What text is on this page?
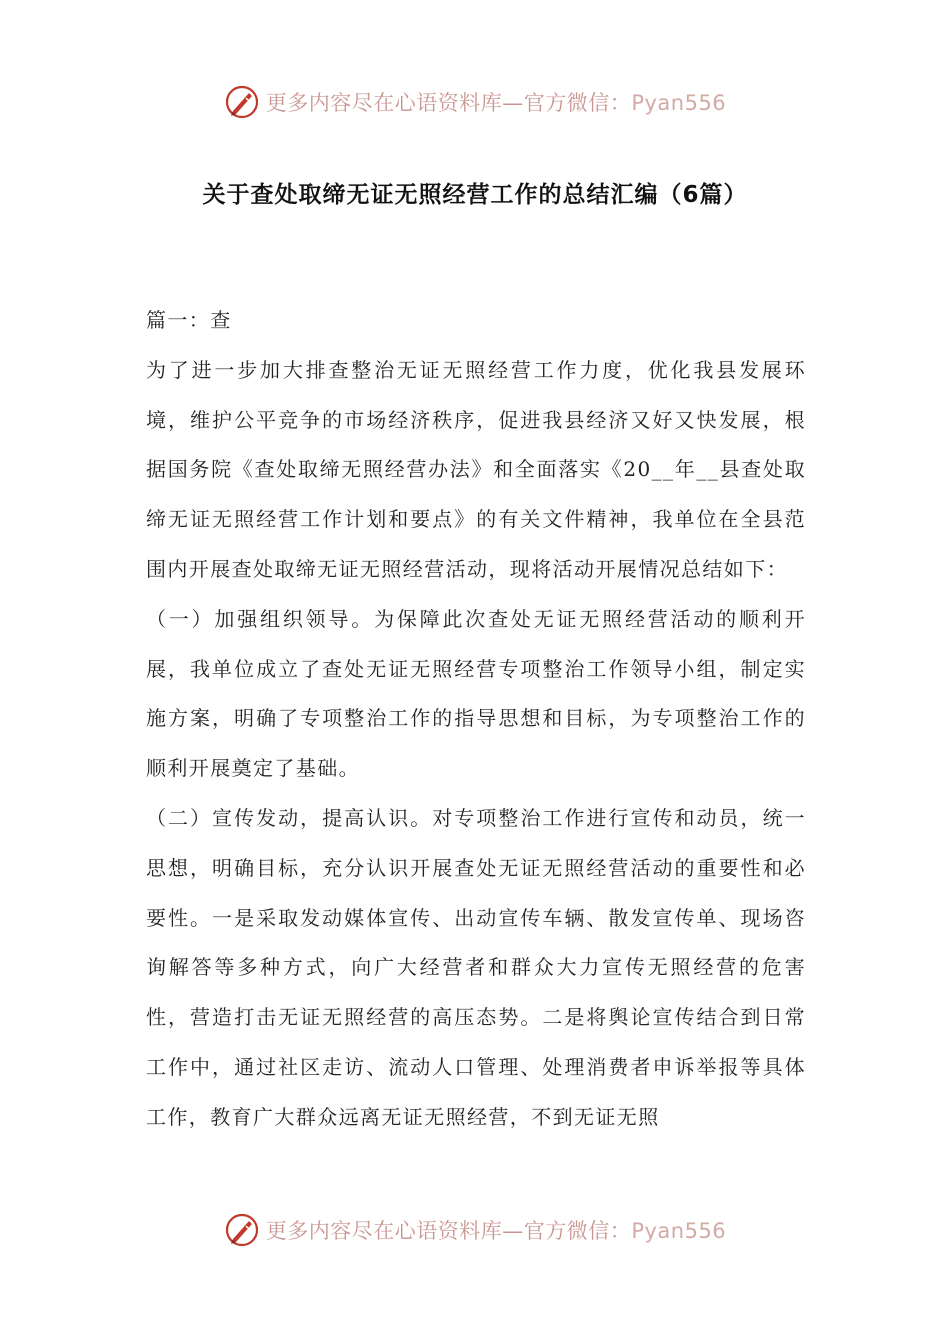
更多内容尽在心语资料库—官方微信：Pyan556
关于查处取缔无证无照经营工作的总结汇编（6篇）

篇一：查

为了进一步加大排查整治无证无照经营工作力度，优化我县发展环境，维护公平竞争的市场经济秩序，促进我县经济又好又快发展，根据国务院《查处取缔无照经营办法》和全面落实《20__年__县查处取缔无证无照经营工作计划和要点》的有关文件精神，我单位在全县范围内开展查处取缔无证无照经营活动，现将活动开展情况总结如下：

（一）加强组织领导。为保障此次查处无证无照经营活动的顺利开展，我单位成立了查处无证无照经营专项整治工作领导小组，制定实施方案，明确了专项整治工作的指导思想和目标，为专项整治工作的顺利开展奠定了基础。

（二）宣传发动，提高认识。对专项整治工作进行宣传和动员，统一思想，明确目标，充分认识开展查处无证无照经营活动的重要性和必要性。一是采取发动媒体宣传、出动宣传车辆、散发宣传单、现场咨询解答等多种方式，向广大经营者和群众大力宣传无照经营的危害性，营造打击无证无照经营的高压态势。二是将舆论宣传结合到日常工作中，通过社区走访、流动人口管理、处理消费者申诉举报等具体工作，教育广大群众远离无证无照经营，不到无证无照

更多内容尽在心语资料库—官方微信：Pyan556
